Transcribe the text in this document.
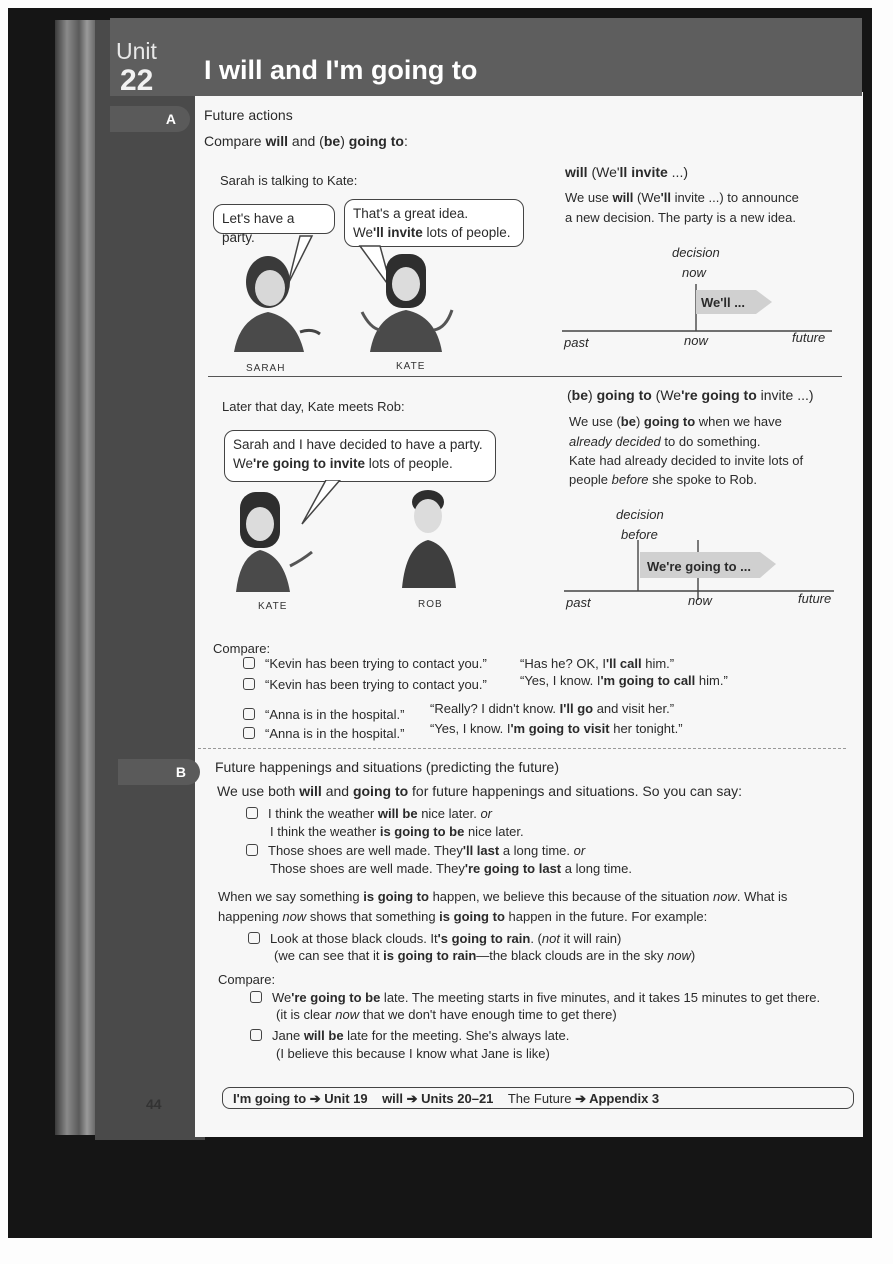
Unit
22 I will and I'm going to
A	Future actions
Compare will and (be) going to:
Sarah is talking to Kate:
Let's have a party.
That's a great idea.
We'll invite lots of people.
SARAH	KATE
will (We'll invite ...)
We use will (We'll invite ...) to announce
a new decision. The party is a new idea.
decision
now
We'll ...
past	now	future
Later that day, Kate meets Rob:
Sarah and I have decided to have a party.
We're going to invite lots of people.
KATE	ROB
(be) going to (We're going to invite ...)
We use (be) going to when we have
already decided to do something.
Kate had already decided to invite lots of
people before she spoke to Rob.
decision
before
We're going to ...
past	now	future
Compare:
“Kevin has been trying to contact you.”	“Has he? OK, I'll call him.”
“Kevin has been trying to contact you.”	“Yes, I know. I'm going to call him.”
“Anna is in the hospital.” “Really? I didn't know. I'll go and visit her.”
“Anna is in the hospital.” “Yes, I know. I'm going to visit her tonight.”
B	Future happenings and situations (predicting the future)
We use both will and going to for future happenings and situations. So you can say:
I think the weather will be nice later. or
I think the weather is going to be nice later.
Those shoes are well made. They'll last a long time. or
Those shoes are well made. They're going to last a long time.
When we say something is going to happen, we believe this because of the situation now. What is
happening now shows that something is going to happen in the future. For example:
Look at those black clouds. It's going to rain. (not it will rain)
(we can see that it is going to rain—the black clouds are in the sky now)
Compare:
We're going to be late. The meeting starts in five minutes, and it takes 15 minutes to get there.
(it is clear now that we don't have enough time to get there)
Jane will be late for the meeting. She's always late.
(I believe this because I know what Jane is like)
44	I'm going to ➔ Unit 19 will ➔ Units 20–21 The Future ➔ Appendix 3
